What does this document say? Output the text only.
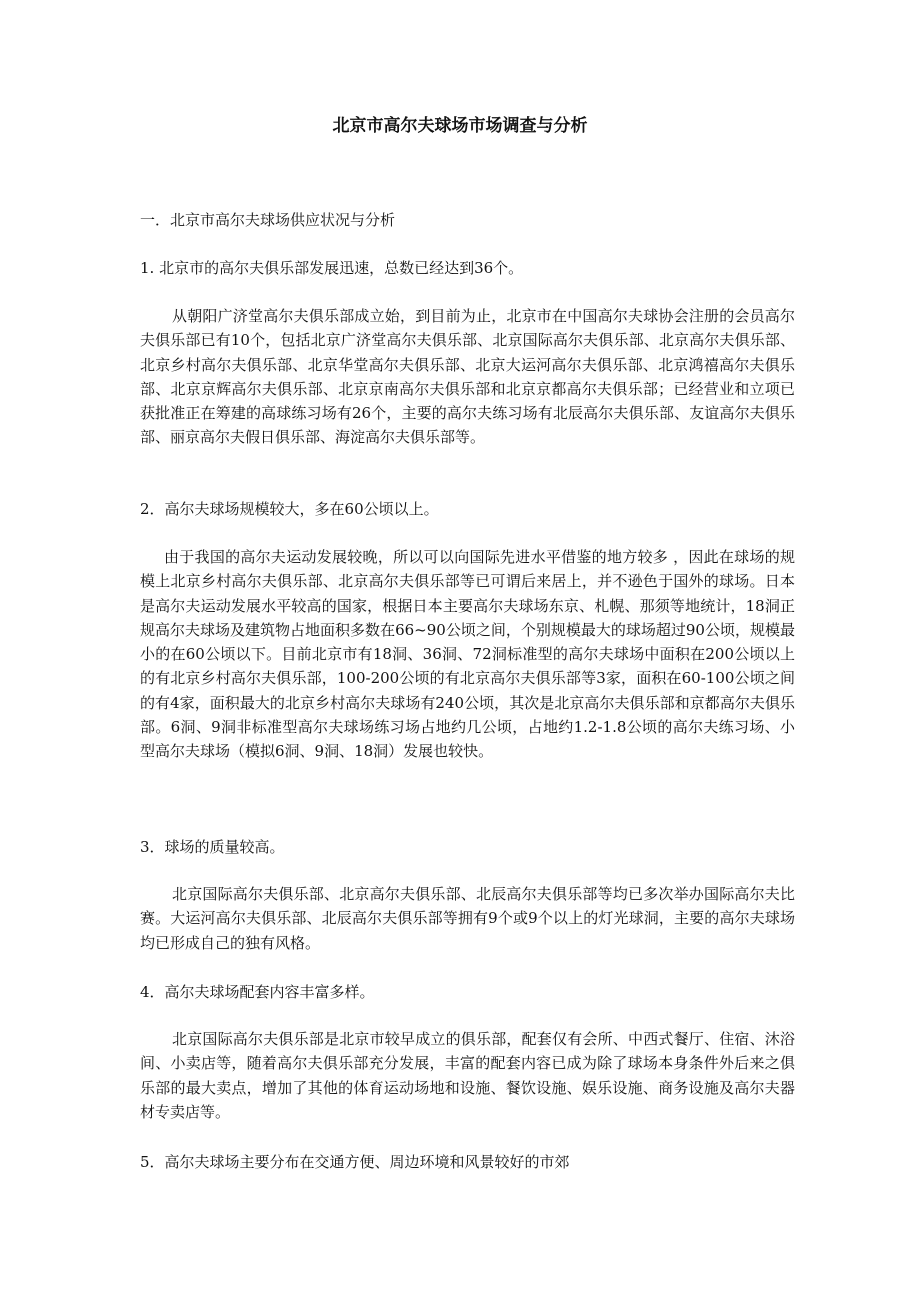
北京市高尔夫球场市场调查与分析

一．北京市高尔夫球场供应状况与分析

1. 北京市的高尔夫俱乐部发展迅速，总数已经达到36个。

从朝阳广济堂高尔夫俱乐部成立始，到目前为止，北京市在中国高尔夫球协会注册的会员高尔夫俱乐部已有10个，包括北京广济堂高尔夫俱乐部、北京国际高尔夫俱乐部、北京高尔夫俱乐部、北京乡村高尔夫俱乐部、北京华堂高尔夫俱乐部、北京大运河高尔夫俱乐部、北京鸿禧高尔夫俱乐部、北京京辉高尔夫俱乐部、北京京南高尔夫俱乐部和北京京都高尔夫俱乐部；已经营业和立项已获批准正在筹建的高球练习场有26个，主要的高尔夫练习场有北辰高尔夫俱乐部、友谊高尔夫俱乐部、丽京高尔夫假日俱乐部、海淀高尔夫俱乐部等。

2．高尔夫球场规模较大，多在60公顷以上。

由于我国的高尔夫运动发展较晚，所以可以向国际先进水平借鉴的地方较多 ，因此在球场的规模上北京乡村高尔夫俱乐部、北京高尔夫俱乐部等已可谓后来居上，并不逊色于国外的球场。日本是高尔夫运动发展水平较高的国家，根据日本主要高尔夫球场东京、札幌、那须等地统计，18洞正规高尔夫球场及建筑物占地面积多数在66~90公顷之间，个别规模最大的球场超过90公顷，规模最小的在60公顷以下。目前北京市有18洞、36洞、72洞标准型的高尔夫球场中面积在200公顷以上的有北京乡村高尔夫俱乐部，100-200公顷的有北京高尔夫俱乐部等3家，面积在60-100公顷之间的有4家，面积最大的北京乡村高尔夫球场有240公顷，其次是北京高尔夫俱乐部和京都高尔夫俱乐部。6洞、9洞非标准型高尔夫球场练习场占地约几公顷，占地约1.2-1.8公顷的高尔夫练习场、小型高尔夫球场（模拟6洞、9洞、18洞）发展也较快。

3．球场的质量较高。

北京国际高尔夫俱乐部、北京高尔夫俱乐部、北辰高尔夫俱乐部等均已多次举办国际高尔夫比赛。大运河高尔夫俱乐部、北辰高尔夫俱乐部等拥有9个或9个以上的灯光球洞，主要的高尔夫球场均已形成自己的独有风格。

4．高尔夫球场配套内容丰富多样。

北京国际高尔夫俱乐部是北京市较早成立的俱乐部，配套仅有会所、中西式餐厅、住宿、沐浴间、小卖店等，随着高尔夫俱乐部充分发展，丰富的配套内容已成为除了球场本身条件外后来之俱乐部的最大卖点，增加了其他的体育运动场地和设施、餐饮设施、娱乐设施、商务设施及高尔夫器材专卖店等。

5．高尔夫球场主要分布在交通方便、周边环境和风景较好的市郊
